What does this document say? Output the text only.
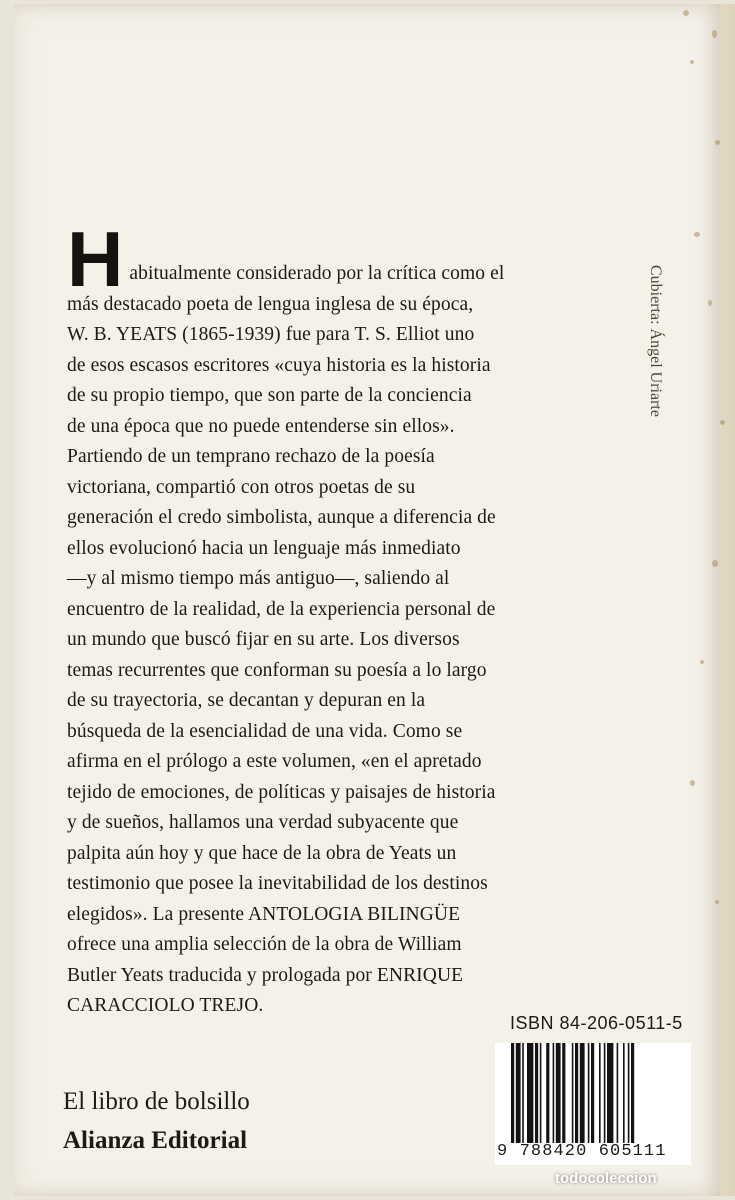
H abitualmente considerado por la crítica como el
más destacado poeta de lengua inglesa de su época,
W. B. YEATS (1865-1939) fue para T. S. Elliot uno
de esos escasos escritores «cuya historia es la historia
de su propio tiempo, que son parte de la conciencia
de una época que no puede entenderse sin ellos».
Partiendo de un temprano rechazo de la poesía
victoriana, compartió con otros poetas de su
generación el credo simbolista, aunque a diferencia de
ellos evolucionó hacia un lenguaje más inmediato
—y al mismo tiempo más antiguo—, saliendo al
encuentro de la realidad, de la experiencia personal de
un mundo que buscó fijar en su arte. Los diversos
temas recurrentes que conforman su poesía a lo largo
de su trayectoria, se decantan y depuran en la
búsqueda de la esencialidad de una vida. Como se
afirma en el prólogo a este volumen, «en el apretado
tejido de emociones, de políticas y paisajes de historia
y de sueños, hallamos una verdad subyacente que
palpita aún hoy y que hace de la obra de Yeats un
testimonio que posee la inevitabilidad de los destinos
elegidos». La presente ANTOLOGIA BILINGÜE
ofrece una amplia selección de la obra de William
Butler Yeats traducida y prologada por ENRIQUE
CARACCIOLO TREJO.
Cubierta: Ángel Uriarte
ISBN 84-206-0511-5
9 788420 605111
El libro de bolsillo
Alianza Editorial
todocoleccion
